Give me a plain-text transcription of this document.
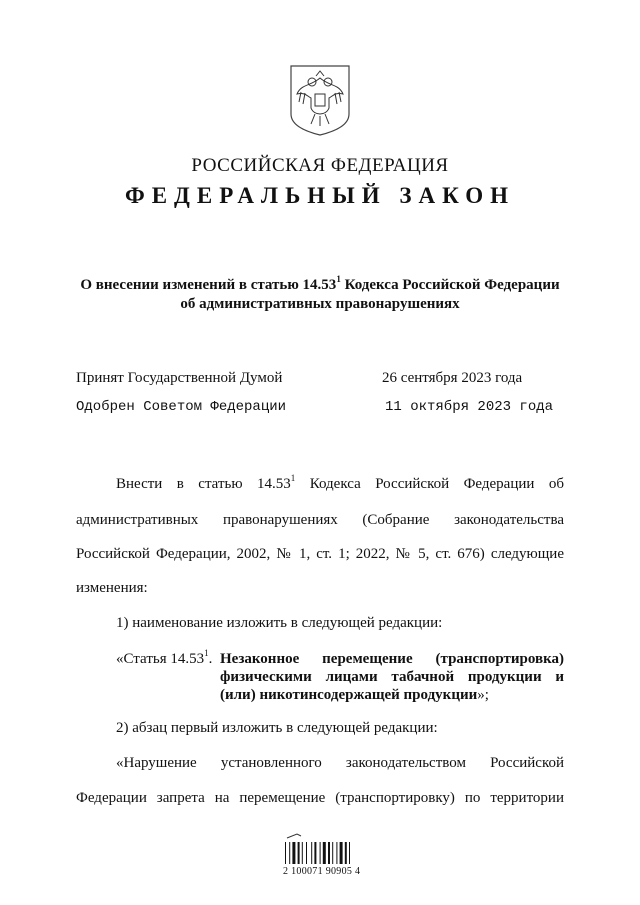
РОССИЙСКАЯ ФЕДЕРАЦИЯ
ФЕДЕРАЛЬНЫЙ ЗАКОН
О внесении изменений в статью 14.53$^1$ Кодекса Российской Федерации
об административных правонарушениях
Принят Государственной Думой	26 сентября 2023 года
Одобрен Советом Федерации	11 октября 2023 года
Внести в статью 14.53$^1$ Кодекса Российской Федерации об
административных правонарушениях (Собрание законодательства
Российской Федерации, 2002, № 1, ст. 1; 2022, № 5, ст. 676) следующие
изменения:
1) наименование изложить в следующей редакции:
«Статья 14.53$^1$. Незаконное перемещение (транспортировка)
физическими лицами табачной продукции и
(или) никотинсодержащей продукции»;
2) абзац первый изложить в следующей редакции:
«Нарушение установленного законодательством Российской
Федерации запрета на перемещение (транспортировку) по территории
2 100071 90905 4
